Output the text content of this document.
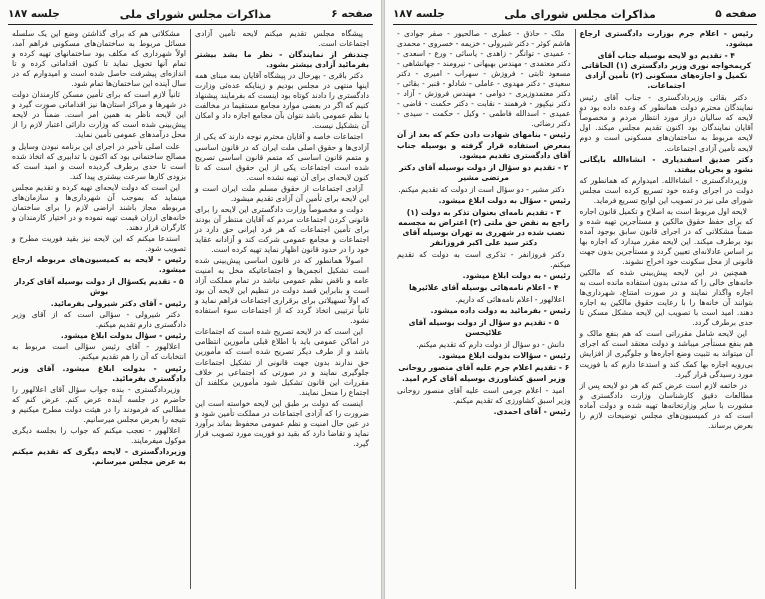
صفحه ۶
مذاکرات مجلس شورای ملی
جلسه ۱۸۷

پیشگاه مجلس تقدیم میکنم لایحه تأمین آزادی اجتماعات است.

چندنفر از نمایندگان - نظر ما بشد بیشتر بفرمائید آزادی بیشتر بشود.

دکتر باقری - بهرحال در پیشگاه آقایان بمه مبنای همه اینها منتهی در مجلس بودیم و زینایکه عده‌ئی وزارت دادگستری را دادند کوتاه بود اینست که بفرمایند پیشنهاد کنیم که اگر در بعضی موارد مجامع مستقیما در مخالفت با نظم عمومی باشد نتوان بآن مجامع اجازه داد و امکان آن بتشکیل نیست.

اجتماعات خاصه و آقایان محترم نوجه دارند که یکی از آزادی‌ها و حقوق اصلی ملت ایران که در قانون اساسی و متمم قانون اساسی که متمم قانون اساسی تصریح شده است اجتماعات یکی از این حقوق است که تا کنون لایحه‌ای برای آن تهیه نشده است.

آزادی اجتماعات از حقوق مسلم ملت ایران است و این لایحه برای تأمین آن آزادی تقدیم میشود.

دولت و مخصوصاً وزارت دادگستری این لایحه را برای قانونی کردن اجتماعات مردم که آقایان منتظر آن بودند برای تأمین اجتماعات که هر فرد ایرانی حق دارد در اجتماعات و مجامع عمومی شرکت کند و آزادانه عقاید خود را در حدود قانون اظهار نماید تهیه کرده است.

اصولاً همانطور که در قانون اساسی پیش‌بینی شده است تشکیل انجمن‌ها و اجتماعاتیکه مخل به امنیت عامه و ناقض نظم عمومی نباشد در تمام مملکت آزاد است و بنابراین قصد دولت در تنظیم این لایحه آن بود که اولاً تسهیلاتی برای برقراری اجتماعات فراهم نماید و ثانیاً ترتیبی اتخاذ گردد که از اجتماعات سوء استفاده نشود.

این است که در لایحه تصریح شده است که اجتماعات در اماکن عمومی باید با اطلاع قبلی مأمورین انتظامی باشد و از طرف دیگر تصریح شده است که مأمورین حق ندارند بدون جهت قانونی از تشکیل اجتماعات جلوگیری نمایند و در صورتی که اجتماعی بر خلاف مقررات این قانون تشکیل شود مأمورین مکلفند آن اجتماع را منحل نمایند.

اینست که دولت بر طبق این لایحه خواسته است این ضرورت را که آزادی اجتماعات در مملکت تأمین شود و در عین حال امنیت و نظم عمومی محفوظ بماند برآورد نماید و تقاضا دارد که بقید دو فوریت مورد تصویب قرار گیرد.

مشکلاتی هم که برای گذاشتن وضع این یک سلسله مسائل مربوط به ساختمان‌های مسکونی فراهم آمد، اولاً شهرداری که مکلف بود ساختمانهای تهیه کرده و تمام آنها تحویل نماید تا کنون اقداماتی کرده و تا اندازه‌ای پیشرفت حاصل شده است و امیدوارم که در سال آینده این ساختمان‌ها تمام شود.

ثانیاً لازم است که برای تأمین مسکن کارمندان دولت در شهرها و مراکز استان‌ها نیز اقداماتی صورت گیرد و این لایحه ناظر به همین امر است. ضمناً در لایحه پیش‌بینی شده است که وزارت دارائی اعتبار لازم را از محل درآمدهای عمومی تأمین نماید.

علت اصلی تأخیر در اجرای این برنامه نبودن وسایل و مصالح ساختمانی بود که اکنون با تدابیری که اتخاذ شده است تا حدی برطرف گردیده است و امید است که بزودی کارها سرعت بیشتری پیدا کند.

این است که دولت لایحه‌ای تهیه کرده و تقدیم مجلس مینماید که بموجب آن شهرداری‌ها و سازمان‌های مربوطه مجاز باشند اراضی لازم را برای ساختمان خانه‌های ارزان قیمت تهیه نموده و در اختیار کارمندان و کارگران قرار دهند.

استدعا میکنم که این لایحه نیز بقید فوریت مطرح و تصویب شود.

رئیس - لایحه به کمیسیون‌های مربوطه ارجاع میشود.

۵ - تقدیم یکسؤال از دولت بوسیله آقای کردار بوش

رئیس - آقای دکتر شیرولی بفرمائید.

دکتر شیرولی - سؤالی است که از آقای وزیر دادگستری دارم تقدیم میکنم.

رئیس - سؤال بدولت ابلاغ میشود.

اعلالهور - آقای رئیس سؤالی است مربوط به انتخابات که آن را هم تقدیم میکنم.

رئیس - بدولت ابلاغ میشود. آقای وزیر دادگستری بفرمائید.

وزیردادگستری - بنده جواب سؤال آقای اعلالهور را حاضرم در جلسه آینده عرض کنم. عرض کنم که مطالبی که فرمودند را در هیئت دولت مطرح میکنیم و نتیجه را بعرض مجلس میرسانیم.

اعلالهور - تعجب میکنم که جواب را بجلسه دیگری موکول میفرمایند.

وزیردادگستری - لایحه دیگری که تقدیم میکنم به عرض مجلس میرسانم.

صفحه ۵
مذاکرات مجلس شورای ملی
جلسه ۱۸۷

رئیس - اعلام جرم بوزارت دادگستری ارجاع میشود.

۴ - تقدیم دو لایحه بوسیله جناب آقای کریمخواجه نوری وزیر دادگستری (۱) الحاقاتی نکمیل و اجازه‌های مسکونی (۲) تأمین آزادی اجتماعات.

دکتر بقائی وزیردادگستری - جناب آقای رئیس نمایندگان محترم دولت همانطور که وعده داده بود دو لایحه که سالیان دراز مورد انتظار مردم و مخصوصاً آقایان نمایندگان بود اکنون تقدیم مجلس میکند. اول لایحه مربوط به ساختمان‌های مسکونی است و دوم لایحه تأمین آزادی اجتماعات.

دکتر صدیق اسفندیاری - انشاءالله بایگانی نشود و بجریان بیفتد.

وزیردادگستری - انشاءالله. امیدوارم که همانطور که دولت در اجرای وعده خود تسریع کرده است مجلس شورای ملی نیز در تصویب این لوایح تسریع فرماید.

لایحه اول مربوط است به اصلاح و تکمیل قانون اجاره که برای حفظ حقوق مالکین و مستأجرین تهیه شده و ضمناً مشکلاتی که در اجرای قانون سابق بوجود آمده بود برطرف میکند. این لایحه مقرر میدارد که اجاره بها بر اساس عادلانه‌ای تعیین گردد و مستأجرین بدون جهت قانونی از محل سکونت خود اخراج نشوند.

همچنین در این لایحه پیش‌بینی شده که مالکین خانه‌های خالی را که مدتی بدون استفاده مانده است به اجاره واگذار نمایند و در صورت امتناع، شهرداری‌ها بتوانند آن خانه‌ها را با رعایت حقوق مالکین به اجاره دهند. امید است با تصویب این لایحه مشکل مسکن تا حدی برطرف گردد.

این لایحه شامل مقرراتی است که هم بنفع مالک و هم بنفع مستأجر میباشد و دولت معتقد است که اجرای آن میتواند به تثبیت وضع اجاره‌ها و جلوگیری از افزایش بی‌رویه اجاره بها کمک کند و استدعا دارم که با فوریت مورد رسیدگی قرار گیرد.

در خاتمه لازم است عرض کنم که هر دو لایحه پس از مطالعات دقیق کارشناسان وزارت دادگستری و مشورت با سایر وزارتخانه‌ها تهیه شده و دولت آماده است که در کمیسیون‌های مجلس توضیحات لازم را بعرض برساند.

ملک - حاذق - عطری - صالحیور - صفر جوادی - هاشم کوثر - دکتر شیرولی - خزیمه - خسروی - محمدی - عمیدی - توانگر - زاهدی - یاسائی - ورع - اسعدی - دکتر معتمدی - مهندس بهبهانی - نیرومند - جهانشاهی - مسعود ثابتی - فروزش - سهراب - امیری - دکتر سعیدی - دکتر مهدوی - عاملی - شادلو - قنبر - بقائی - دکتر معتمدوزیری - دوامی - مهندس فروزش - آزاد - دکتر نیکپور - فرهمند - نقابت - دکتر حکمت - قاضی - عمیدی - اسدالله فاطمی - وکیل - حکمت - سیدی - دکتر رضائی.

رئیس - بنامهای شهادت دادن حکم که بعد از آن بمعرض استفاده قرار گرفته و بوسیله جناب آقای دادگستری تقدیم میشود.

۲ - تقدیم دو سؤال از دولت بوسیله آقای دکتر مرتضی مشیر

دکتر مشیر - دو سؤال است از دولت که تقدیم میکنم.

رئیس - سؤال به دولت ابلاغ میشود.

۳ - تقدیم نامه‌ای بعنوان تذکر به دولت (۱) راجع به نقض حق ملتی (۲) اعتراض به مجسمه نصب شده در شهرری به تهران بوسیله آقای دکتر سید علی اکبر فروزانفر

دکتر فروزانفر - تذکری است به دولت که تقدیم میکنم.

رئیس - به دولت ابلاغ میشود.

۴ - اعلام نامه‌هائی بوسیله آقای علائیرها

اعلالهور - اعلام نامه‌هائی که داریم.

رئیس - بفرمائید به دولت داده میشود.

۵ - تقدیم دو سؤال از دولت بوسیله آقای علائیحسن

دانش - دو سؤال از دولت دارم که تقدیم میکنم.

رئیس - سؤالات بدولت ابلاغ میشود.

۶ - تقدیم اعلام جرم علیه آقای منصور روحانی وزیر اسبق کشاورزی بوسیله آقای کرم امید.

امید - اعلام جرمی است علیه آقای منصور روحانی وزیر اسبق کشاورزی که تقدیم میکنم.

رئیس - آقای احمدی.
